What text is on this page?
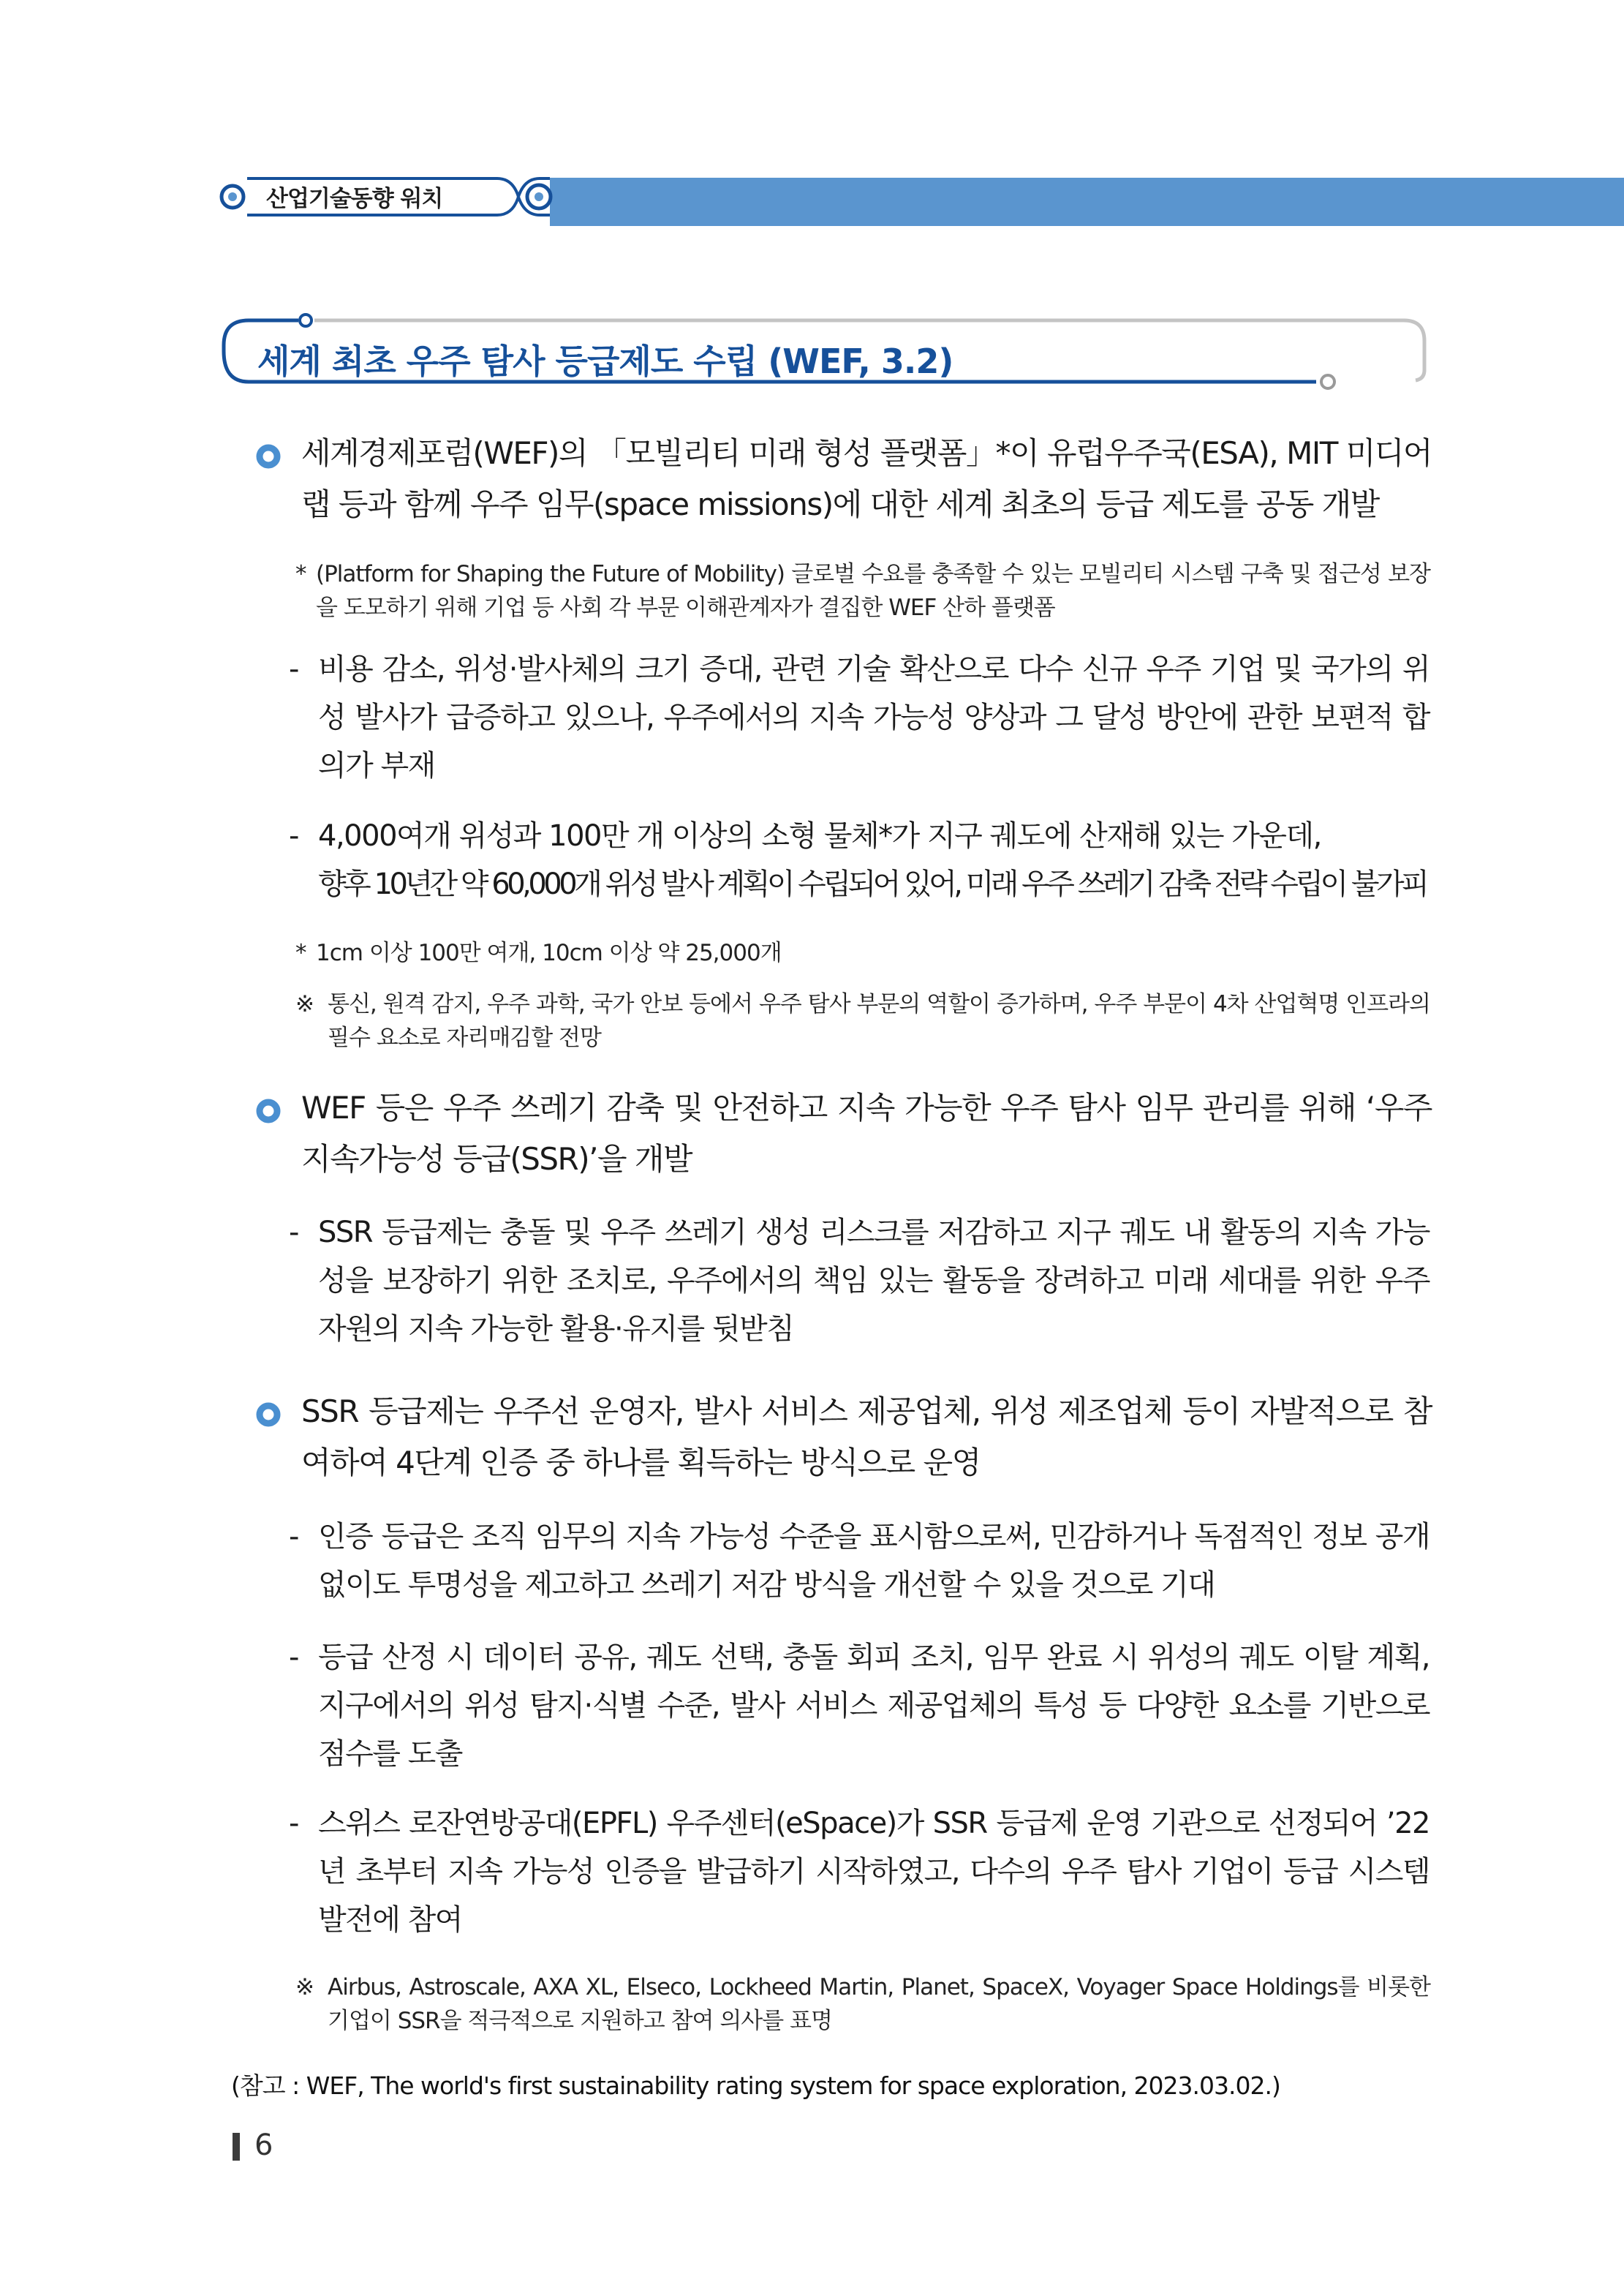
산업기술동향 워치
세계 최초 우주 탐사 등급제도 수립 (WEF, 3.2)
세계경제포럼(WEF)의 「모빌리티 미래 형성 플랫폼」*이 유럽우주국(ESA), MIT 미디어랩 등과 함께 우주 임무(space missions)에 대한 세계 최초의 등급 제도를 공동 개발
* (Platform for Shaping the Future of Mobility) 글로벌 수요를 충족할 수 있는 모빌리티 시스템 구축 및 접근성 보장을 도모하기 위해 기업 등 사회 각 부문 이해관계자가 결집한 WEF 산하 플랫폼
- 비용 감소, 위성·발사체의 크기 증대, 관련 기술 확산으로 다수 신규 우주 기업 및 국가의 위성 발사가 급증하고 있으나, 우주에서의 지속 가능성 양상과 그 달성 방안에 관한 보편적 합의가 부재
- 4,000여개 위성과 100만 개 이상의 소형 물체*가 지구 궤도에 산재해 있는 가운데,
향후 10년간 약 60,000개 위성 발사 계획이 수립되어 있어, 미래 우주 쓰레기 감축 전략 수립이 불가피
* 1cm 이상 100만 여개, 10cm 이상 약 25,000개
※ 통신, 원격 감지, 우주 과학, 국가 안보 등에서 우주 탐사 부문의 역할이 증가하며, 우주 부문이 4차 산업혁명 인프라의 필수 요소로 자리매김할 전망
WEF 등은 우주 쓰레기 감축 및 안전하고 지속 가능한 우주 탐사 임무 관리를 위해 ‘우주 지속가능성 등급(SSR)’을 개발
- SSR 등급제는 충돌 및 우주 쓰레기 생성 리스크를 저감하고 지구 궤도 내 활동의 지속 가능성을 보장하기 위한 조치로, 우주에서의 책임 있는 활동을 장려하고 미래 세대를 위한 우주 자원의 지속 가능한 활용·유지를 뒷받침
SSR 등급제는 우주선 운영자, 발사 서비스 제공업체, 위성 제조업체 등이 자발적으로 참여하여 4단계 인증 중 하나를 획득하는 방식으로 운영
- 인증 등급은 조직 임무의 지속 가능성 수준을 표시함으로써, 민감하거나 독점적인 정보 공개 없이도 투명성을 제고하고 쓰레기 저감 방식을 개선할 수 있을 것으로 기대
- 등급 산정 시 데이터 공유, 궤도 선택, 충돌 회피 조치, 임무 완료 시 위성의 궤도 이탈 계획, 지구에서의 위성 탐지·식별 수준, 발사 서비스 제공업체의 특성 등 다양한 요소를 기반으로 점수를 도출
- 스위스 로잔연방공대(EPFL) 우주센터(eSpace)가 SSR 등급제 운영 기관으로 선정되어 ’22년 초부터 지속 가능성 인증을 발급하기 시작하였고, 다수의 우주 탐사 기업이 등급 시스템 발전에 참여
※ Airbus, Astroscale, AXA XL, Elseco, Lockheed Martin, Planet, SpaceX, Voyager Space Holdings를 비롯한 기업이 SSR을 적극적으로 지원하고 참여 의사를 표명
(참고 : WEF, The world's first sustainability rating system for space exploration, 2023.03.02.)
6
